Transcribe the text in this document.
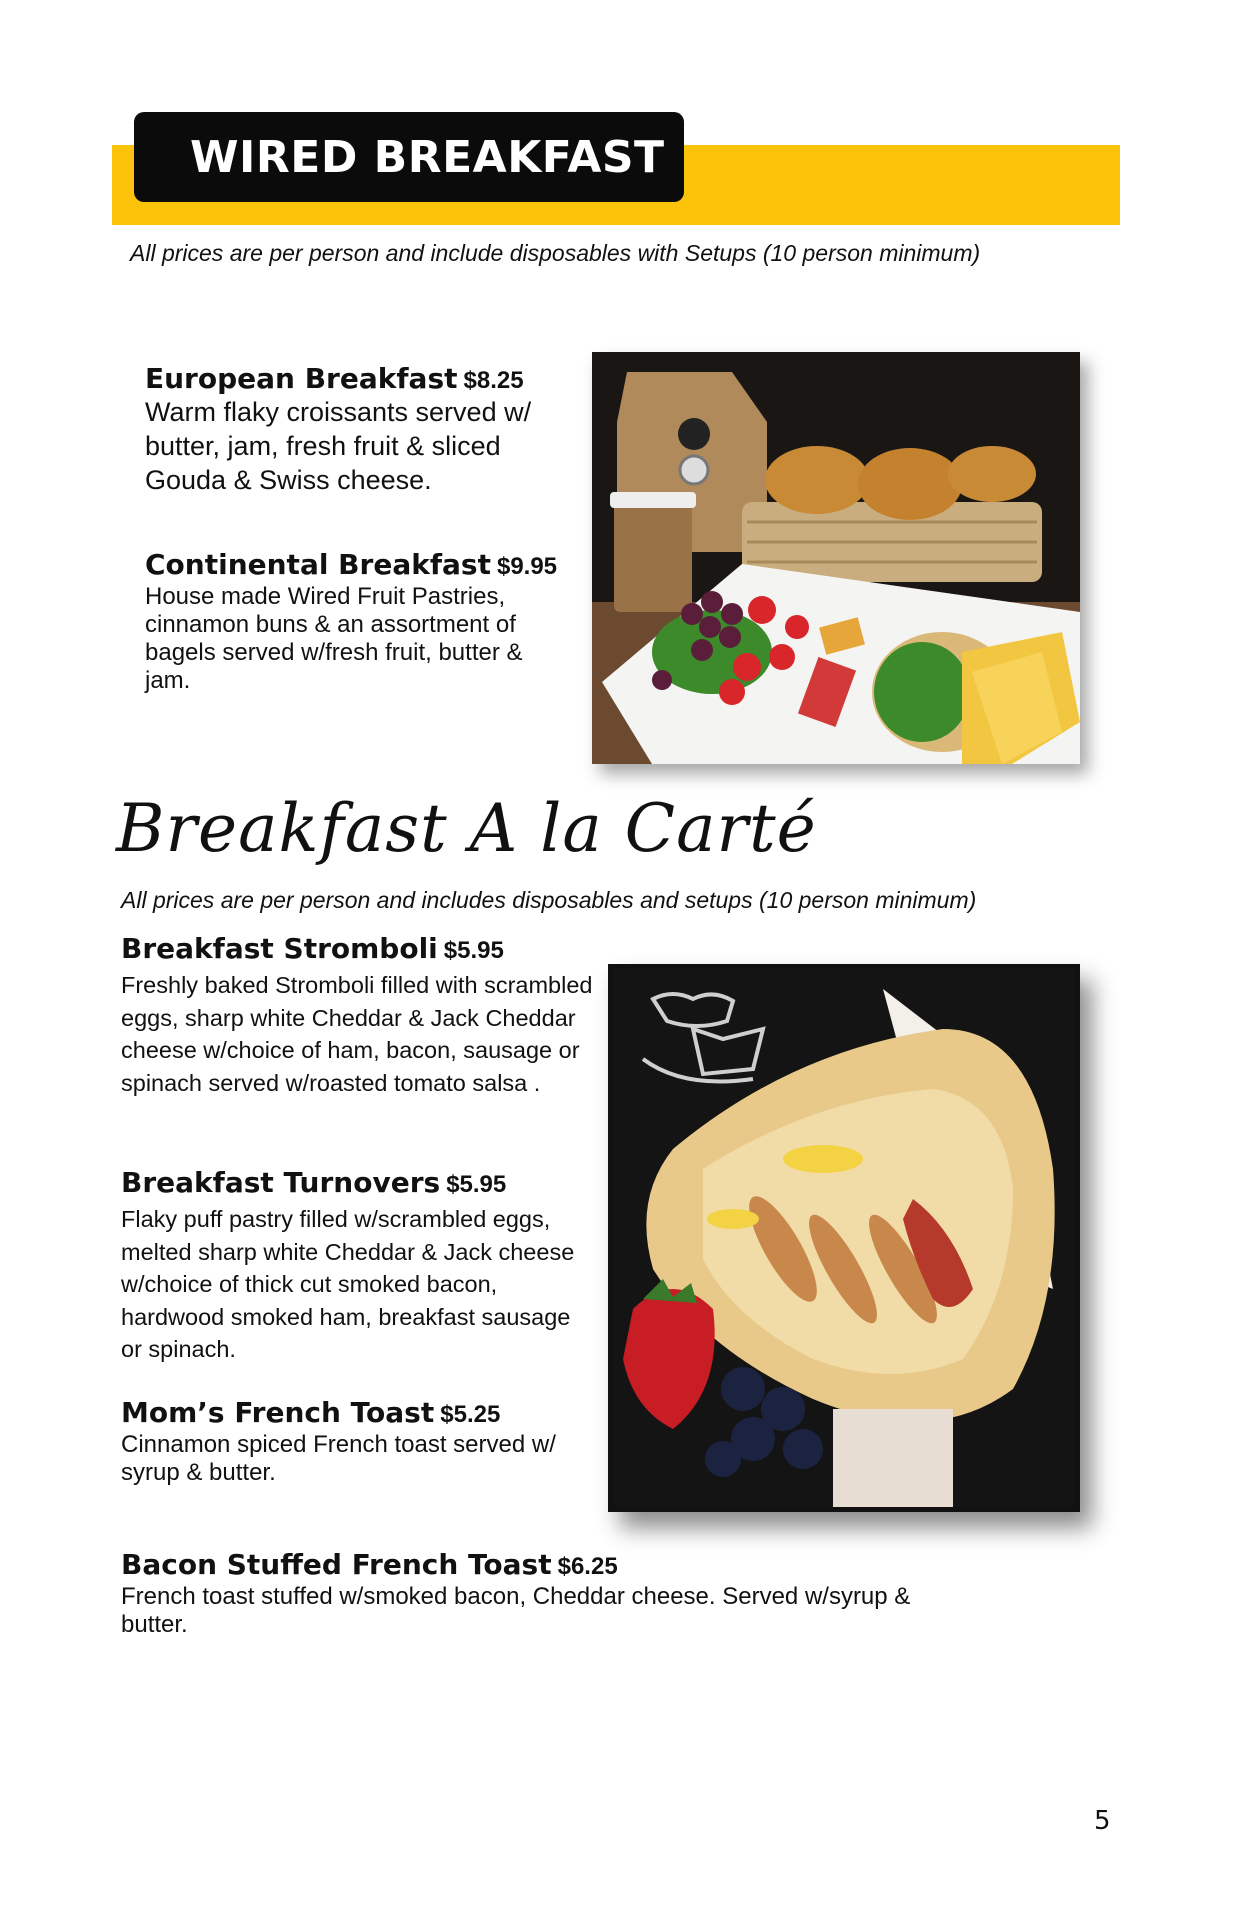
WIRED BREAKFAST
All prices are per person and include disposables with Setups (10 person minimum)
European Breakfast $8.25
Warm flaky croissants served w/ butter, jam, fresh fruit & sliced Gouda & Swiss cheese.
Continental Breakfast $9.95
House made Wired Fruit Pastries, cinnamon buns & an assortment of bagels served w/fresh fruit, butter & jam.
Breakfast A la Carté
All prices are per person and includes disposables and setups (10 person minimum)
Breakfast Stromboli $5.95
Freshly baked Stromboli filled with scrambled eggs, sharp white Cheddar & Jack Cheddar cheese w/choice of ham, bacon, sausage or spinach served w/roasted tomato salsa .
Breakfast Turnovers $5.95
Flaky puff pastry filled w/scrambled eggs, melted sharp white Cheddar & Jack cheese w/choice of thick cut smoked bacon, hardwood smoked ham, breakfast sausage or spinach.
Mom’s French Toast $5.25
Cinnamon spiced French toast served w/ syrup & butter.
Bacon Stuffed French Toast $6.25
French toast stuffed w/smoked bacon, Cheddar cheese. Served w/syrup & butter.
5
